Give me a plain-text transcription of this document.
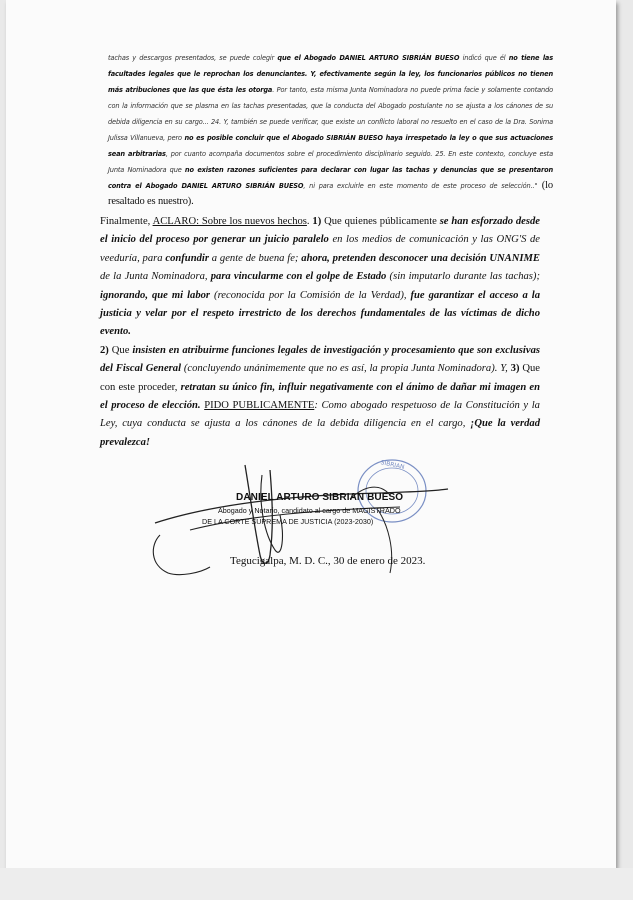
tachas y descargos presentados, se puede colegir que el Abogado DANIEL ARTURO SIBRIÁN BUESO indicó que él no tiene las facultades legales que le reprochan los denunciantes. Y, efectivamente según la ley, los funcionarios públicos no tienen más atribuciones que las que ésta les otorga. Por tanto, esta misma Junta Nominadora no puede prima facie y solamente contando con la información que se plasma en las tachas presentadas, que la conducta del Abogado postulante no se ajusta a los cánones de su debida diligencia en su cargo... 24. Y, también se puede verificar, que existe un conflicto laboral no resuelto en el caso de la Dra. Sonima Julissa Villanueva, pero no es posible concluir que el Abogado SIBRIÁN BUESO haya irrespetado la ley o que sus actuaciones sean arbitrarias, por cuanto acompaña documentos sobre el procedimiento disciplinario seguido. 25. En este contexto, concluye esta Junta Nominadora que no existen razones suficientes para declarar con lugar las tachas y denuncias que se presentaron contra el Abogado DANIEL ARTURO SIBRIÁN BUESO, ni para excluirle en este momento de este proceso de selección.." (lo resaltado es nuestro).
Finalmente, ACLARO: Sobre los nuevos hechos. 1) Que quienes públicamente se han esforzado desde el inicio del proceso por generar un juicio paralelo en los medios de comunicación y las ONG'S de veeduría, para confundir a gente de buena fe; ahora, pretenden desconocer una decisión UNANIME de la Junta Nominadora, para vincularme con el golpe de Estado (sin imputarlo durante las tachas); ignorando, que mi labor (reconocida por la Comisión de la Verdad), fue garantizar el acceso a la justicia y velar por el respeto irrestricto de los derechos fundamentales de las víctimas de dicho evento.
2) Que insisten en atribuirme funciones legales de investigación y procesamiento que son exclusivas del Fiscal General (concluyendo unánimemente que no es así, la propia Junta Nominadora). Y, 3) Que con este proceder, retratan su único fin, influir negativamente con el ánimo de dañar mi imagen en el proceso de elección. PIDO PUBLICAMENTE: Como abogado respetuoso de la Constitución y la Ley, cuya conducta se ajusta a los cánones de la debida diligencia en el cargo, ¡Que la verdad prevalezca!
SIBRIAN
Tegucigalpa, M. D. C., 30 de enero de 2023.
DANIEL ARTURO SIBRIAN BUESO
Abogado y Notario, candidato al cargo de MAGISTRADO
DE LA CORTE SUPREMA DE JUSTICIA (2023-2030)
